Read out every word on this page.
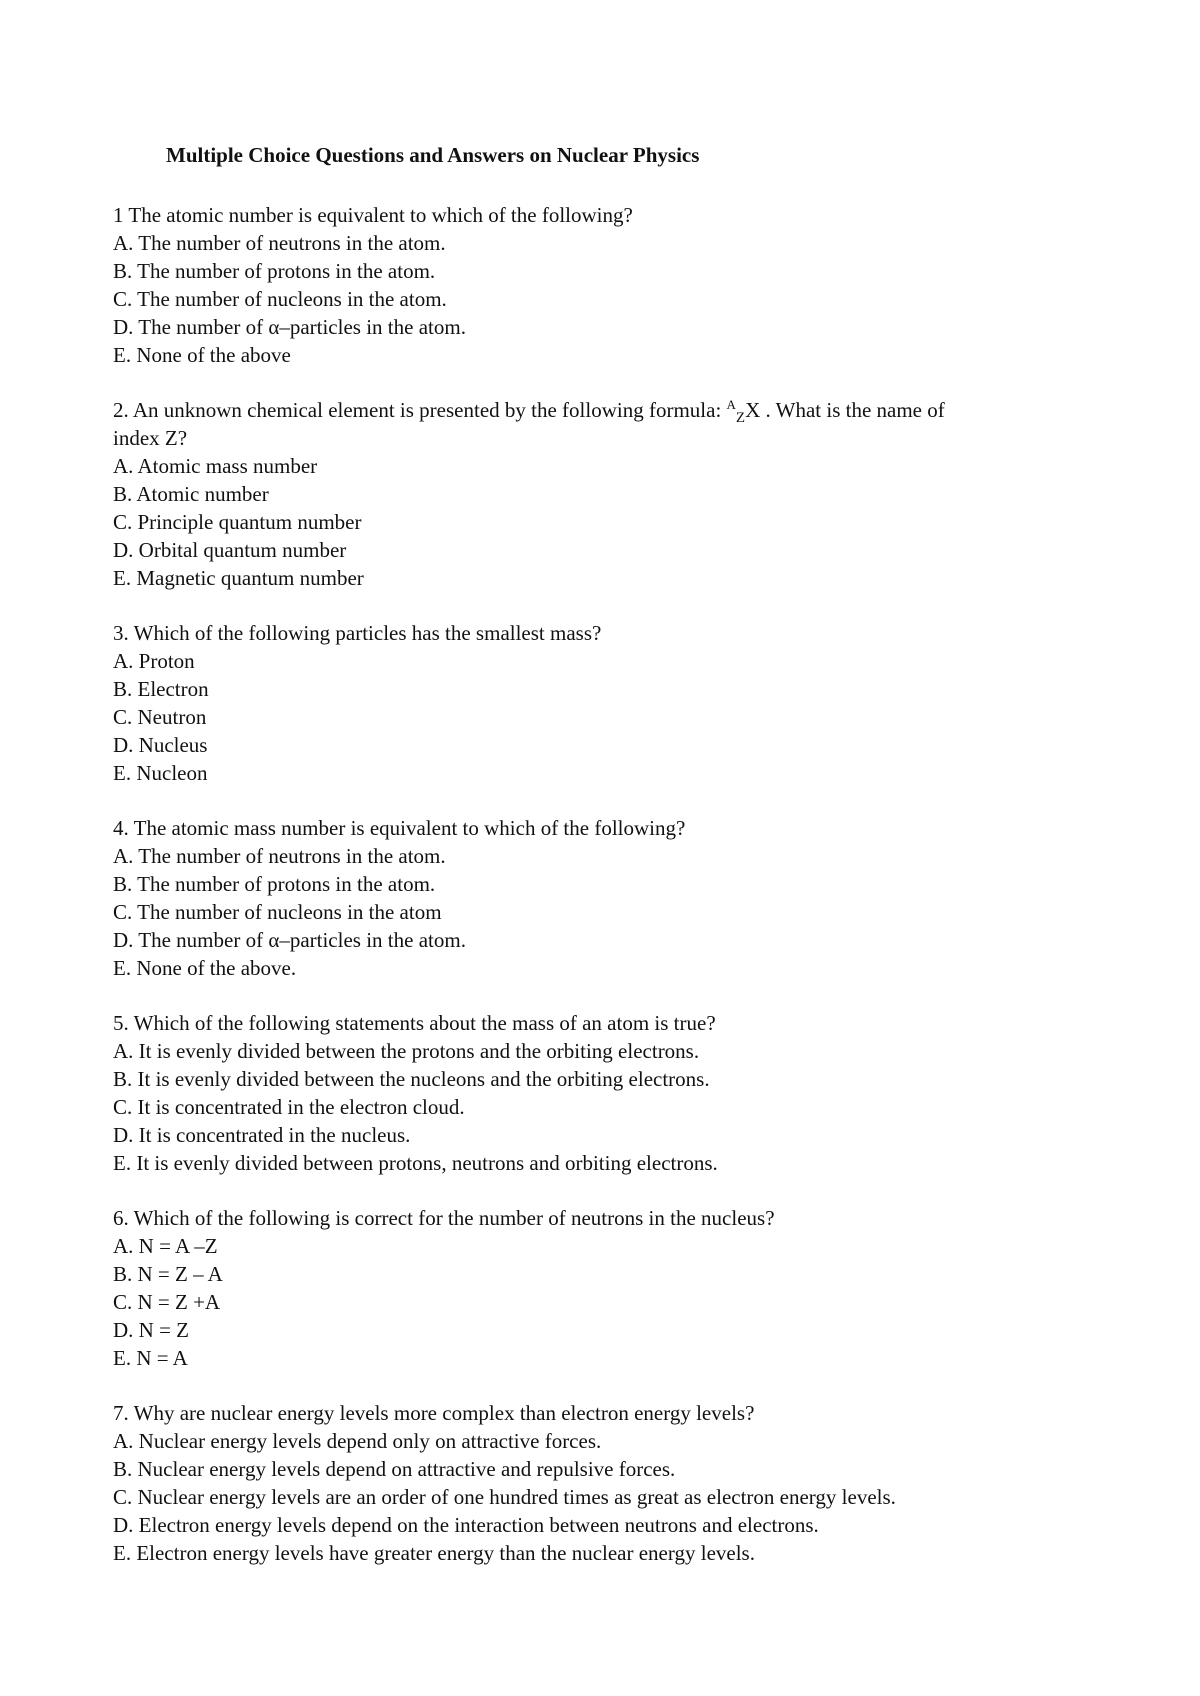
Multiple Choice Questions and Answers on Nuclear Physics
1 The atomic number is equivalent to which of the following?
A. The number of neutrons in the atom.
B. The number of protons in the atom.
C. The number of nucleons in the atom.
D. The number of α–particles in the atom.
E. None of the above
2. An unknown chemical element is presented by the following formula: $^A_Z$X . What is the name of
index Z?
A. Atomic mass number
B. Atomic number
C. Principle quantum number
D. Orbital quantum number
E. Magnetic quantum number
3. Which of the following particles has the smallest mass?
A. Proton
B. Electron
C. Neutron
D. Nucleus
E. Nucleon
4. The atomic mass number is equivalent to which of the following?
A. The number of neutrons in the atom.
B. The number of protons in the atom.
C. The number of nucleons in the atom
D. The number of α–particles in the atom.
E. None of the above.
5. Which of the following statements about the mass of an atom is true?
A. It is evenly divided between the protons and the orbiting electrons.
B. It is evenly divided between the nucleons and the orbiting electrons.
C. It is concentrated in the electron cloud.
D. It is concentrated in the nucleus.
E. It is evenly divided between protons, neutrons and orbiting electrons.
6. Which of the following is correct for the number of neutrons in the nucleus?
A. N = A –Z
B. N = Z – A
C. N = Z +A
D. N = Z
E. N = A
7. Why are nuclear energy levels more complex than electron energy levels?
A. Nuclear energy levels depend only on attractive forces.
B. Nuclear energy levels depend on attractive and repulsive forces.
C. Nuclear energy levels are an order of one hundred times as great as electron energy levels.
D. Electron energy levels depend on the interaction between neutrons and electrons.
E. Electron energy levels have greater energy than the nuclear energy levels.
